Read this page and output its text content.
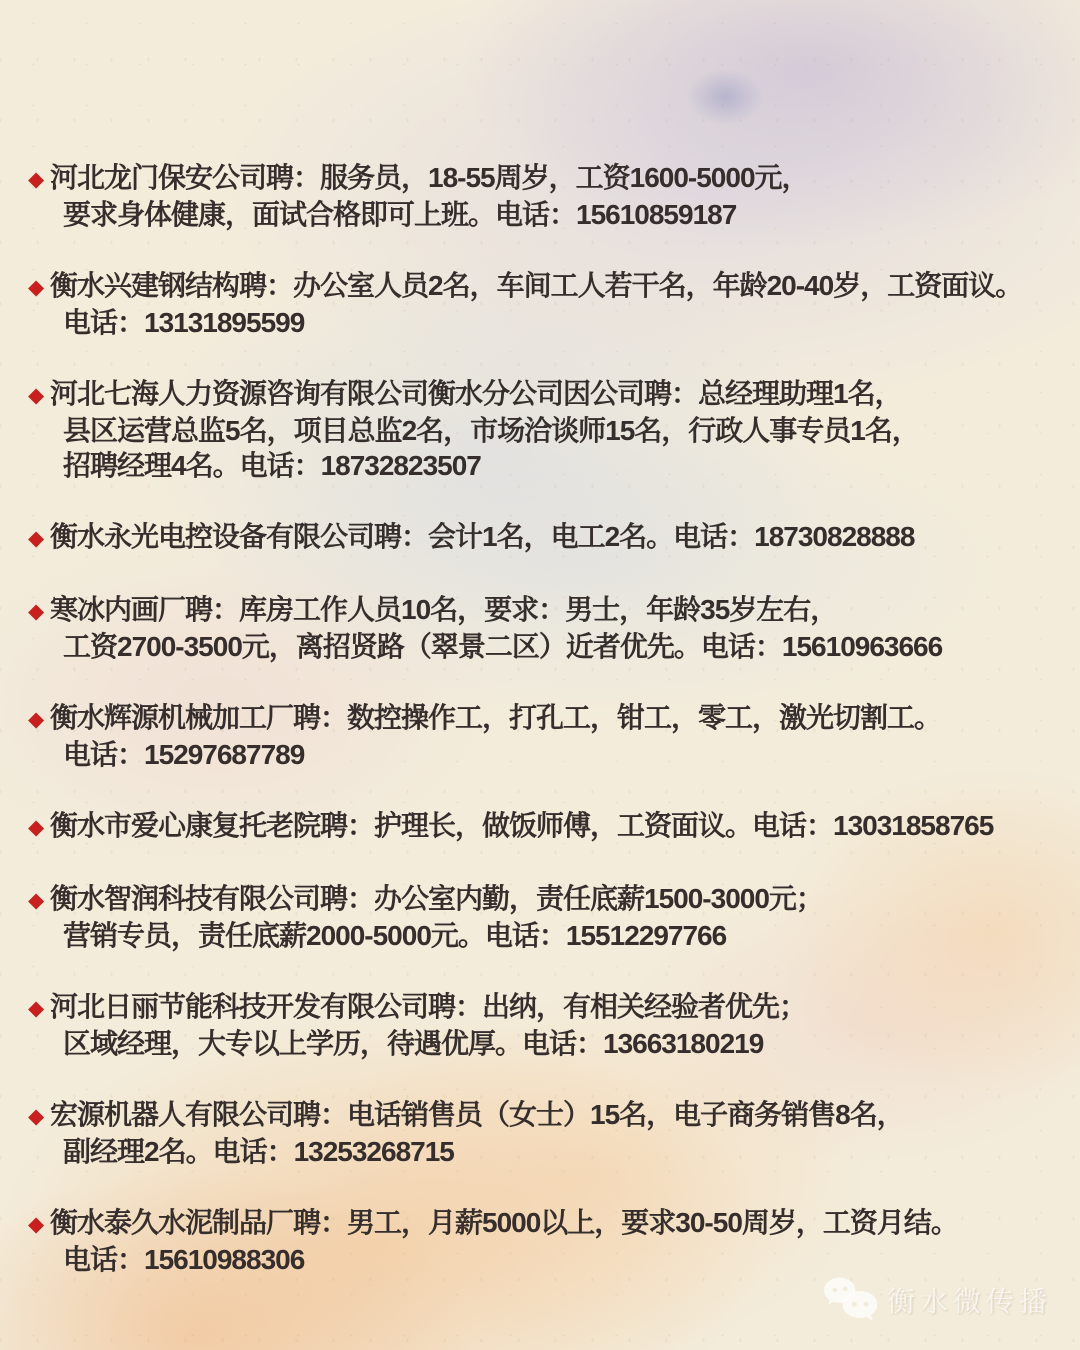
◆ 河北龙门保安公司聘：服务员，18-55周岁，工资1600-5000元，
要求身体健康，面试合格即可上班。电话：15610859187
◆ 衡水兴建钢结构聘：办公室人员2名，车间工人若干名，年龄20-40岁，工资面议。
电话：13131895599
◆ 河北七海人力资源咨询有限公司衡水分公司因公司聘：总经理助理1名，
县区运营总监5名，项目总监2名，市场洽谈师15名，行政人事专员1名，
招聘经理4名。电话：18732823507
◆ 衡水永光电控设备有限公司聘：会计1名，电工2名。电话：18730828888
◆ 寒冰内画厂聘：库房工作人员10名，要求：男士，年龄35岁左右，
工资2700-3500元，离招贤路（翠景二区）近者优先。电话：15610963666
◆ 衡水辉源机械加工厂聘：数控操作工，打孔工，钳工，零工，激光切割工。
电话：15297687789
◆ 衡水市爱心康复托老院聘：护理长，做饭师傅，工资面议。电话：13031858765
◆ 衡水智润科技有限公司聘：办公室内勤，责任底薪1500-3000元；
营销专员，责任底薪2000-5000元。电话：15512297766
◆ 河北日丽节能科技开发有限公司聘：出纳，有相关经验者优先；
区域经理，大专以上学历，待遇优厚。电话：13663180219
◆ 宏源机器人有限公司聘：电话销售员（女士）15名，电子商务销售8名，
副经理2名。电话：13253268715
◆ 衡水泰久水泥制品厂聘：男工，月薪5000以上，要求30-50周岁，工资月结。
电话：15610988306
衡水微传播
